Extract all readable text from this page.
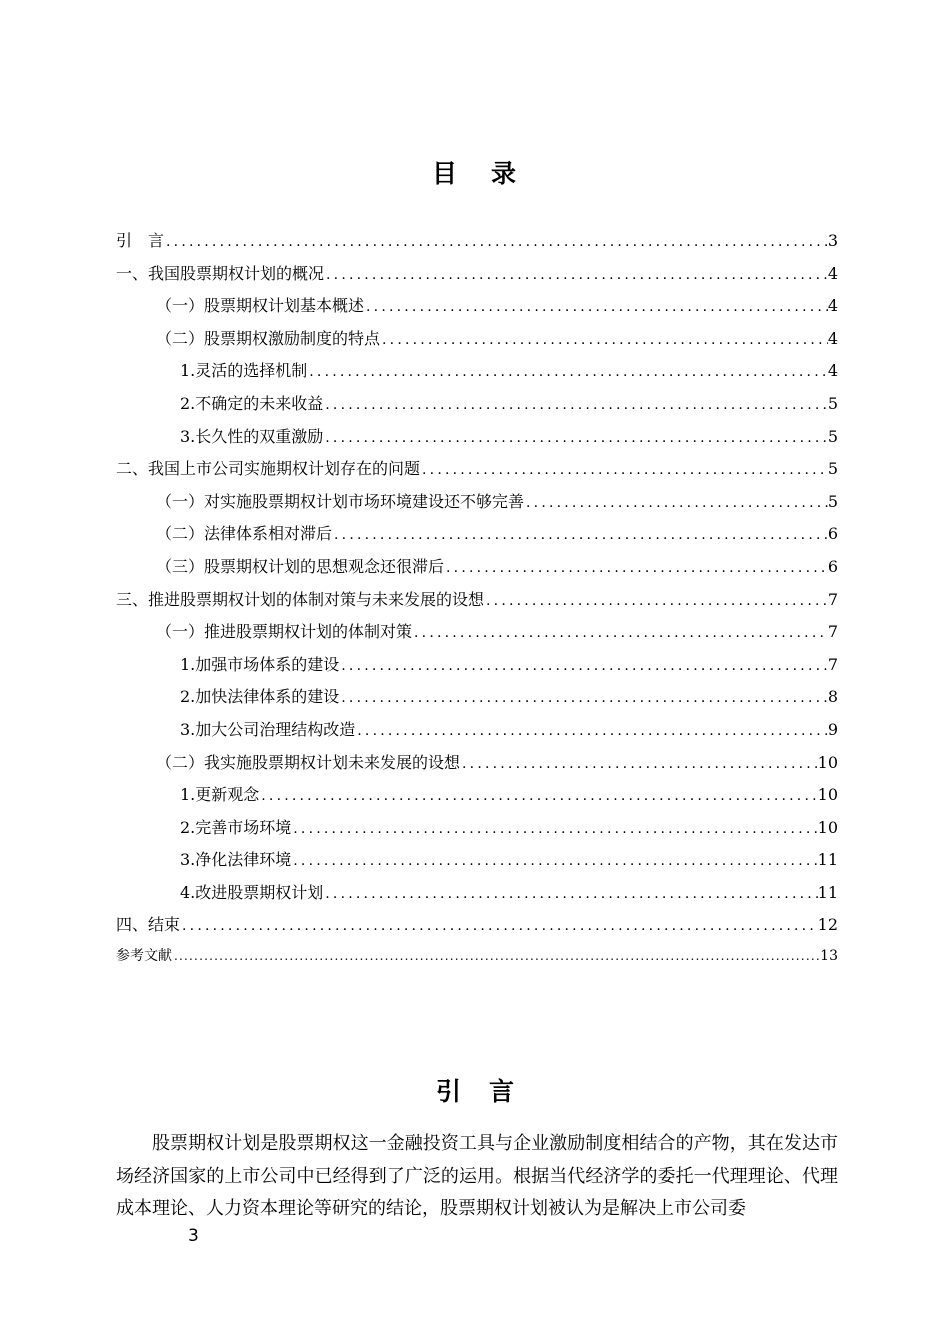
目 录
引　言 .....	3
一、我国股票期权计划的概况 .....	4
（一）股票期权计划基本概述 .....	4
（二）股票期权激励制度的特点 .....	4
1.灵活的选择机制 .....	4
2.不确定的未来收益 .....	5
3.长久性的双重激励 .....	5
二、我国上市公司实施期权计划存在的问题 .....	5
（一）对实施股票期权计划市场环境建设还不够完善 .....	5
（二）法律体系相对滞后 .....	6
（三）股票期权计划的思想观念还很滞后 .....	6
三、推进股票期权计划的体制对策与未来发展的设想 .....	7
（一）推进股票期权计划的体制对策 .....	7
1.加强市场体系的建设 .....	7
2.加快法律体系的建设 .....	8
3.加大公司治理结构改造 .....	9
（二）我实施股票期权计划未来发展的设想 .....	10
1.更新观念 .....	10
2.完善市场环境 .....	10
3.净化法律环境 .....	11
4.改进股票期权计划 .....	11
四、结束 .....	12
参考文献 .....	13
引 言

股票期权计划是股票期权这一金融投资工具与企业激励制度相结合的产物，其在发达市场经济国家的上市公司中已经得到了广泛的运用。根据当代经济学的委托一代理理论、代理成本理论、人力资本理论等研究的结论，股票期权计划被认为是解决上市公司委

3
